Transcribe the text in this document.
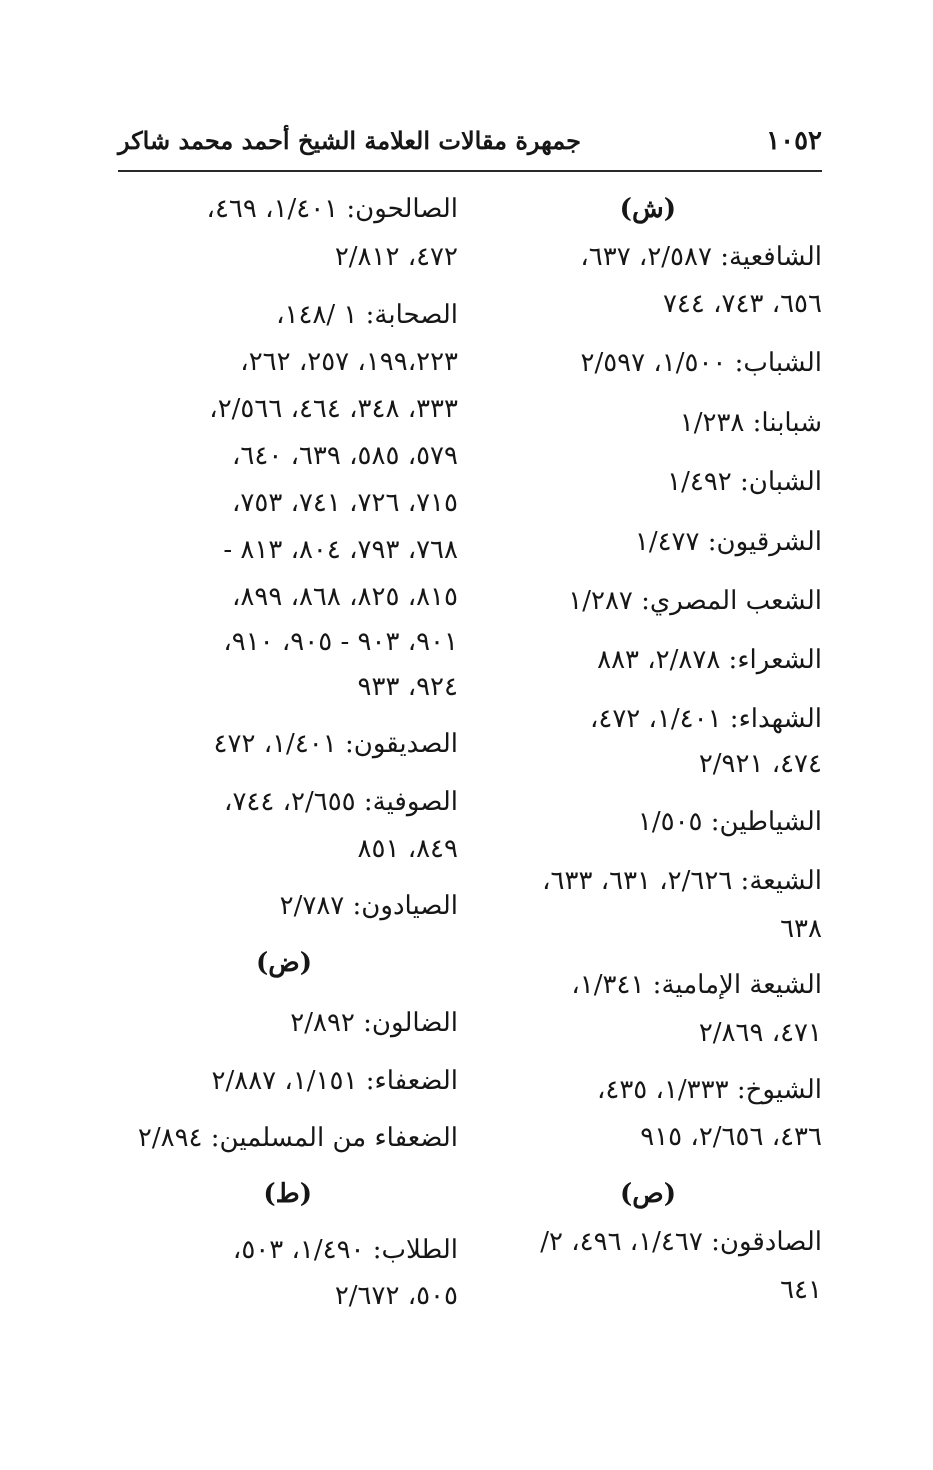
١٠٥٢
جمهرة مقالات العلامة الشيخ أحمد محمد شاكر
(ش)
الشافعية: ٢/٥٨٧، ٦٣٧،
٦٥٦، ٧٤٣، ٧٤٤
الشباب: ١/٥٠٠، ٢/٥٩٧
شبابنا: ١/٢٣٨
الشبان: ١/٤٩٢
الشرقيون: ١/٤٧٧
الشعب المصري: ١/٢٨٧
الشعراء: ٢/٨٧٨، ٨٨٣
الشهداء: ١/٤٠١، ٤٧٢،
٤٧٤، ٢/٩٢١
الشياطين: ١/٥٠٥
الشيعة: ٢/٦٢٦، ٦٣١، ٦٣٣،
٦٣٨
الشيعة الإمامية: ١/٣٤١،
٤٧١، ٢/٨٦٩
الشيوخ: ١/٣٣٣، ٤٣٥،
٤٣٦، ٢/٦٥٦، ٩١٥
(ص)
الصادقون: ١/٤٦٧، ٤٩٦، ٢/
٦٤١
الصالحون: ١/٤٠١، ٤٦٩،
٤٧٢، ٢/٨١٢
الصحابة: ١ /١٤٨،
١٩٩،٢٢٣، ٢٥٧، ٢٦٢،
٣٣٣، ٣٤٨، ٤٦٤، ٢/٥٦٦،
٥٧٩، ٥٨٥، ٦٣٩، ٦٤٠،
٧١٥، ٧٢٦، ٧٤١، ٧٥٣،
٧٦٨، ٧٩٣، ٨٠٤، ٨١٣ -
٨١٥، ٨٢٥، ٨٦٨، ٨٩٩،
٩٠١، ٩٠٣ - ٩٠٥، ٩١٠،
٩٢٤، ٩٣٣
الصديقون: ١/٤٠١، ٤٧٢
الصوفية: ٢/٦٥٥، ٧٤٤،
٨٤٩، ٨٥١
الصيادون: ٢/٧٨٧
(ض)
الضالون: ٢/٨٩٢
الضعفاء: ١/١٥١، ٢/٨٨٧
الضعفاء من المسلمين: ٢/٨٩٤
(ط)
الطلاب: ١/٤٩٠، ٥٠٣،
٥٠٥، ٢/٦٧٢
